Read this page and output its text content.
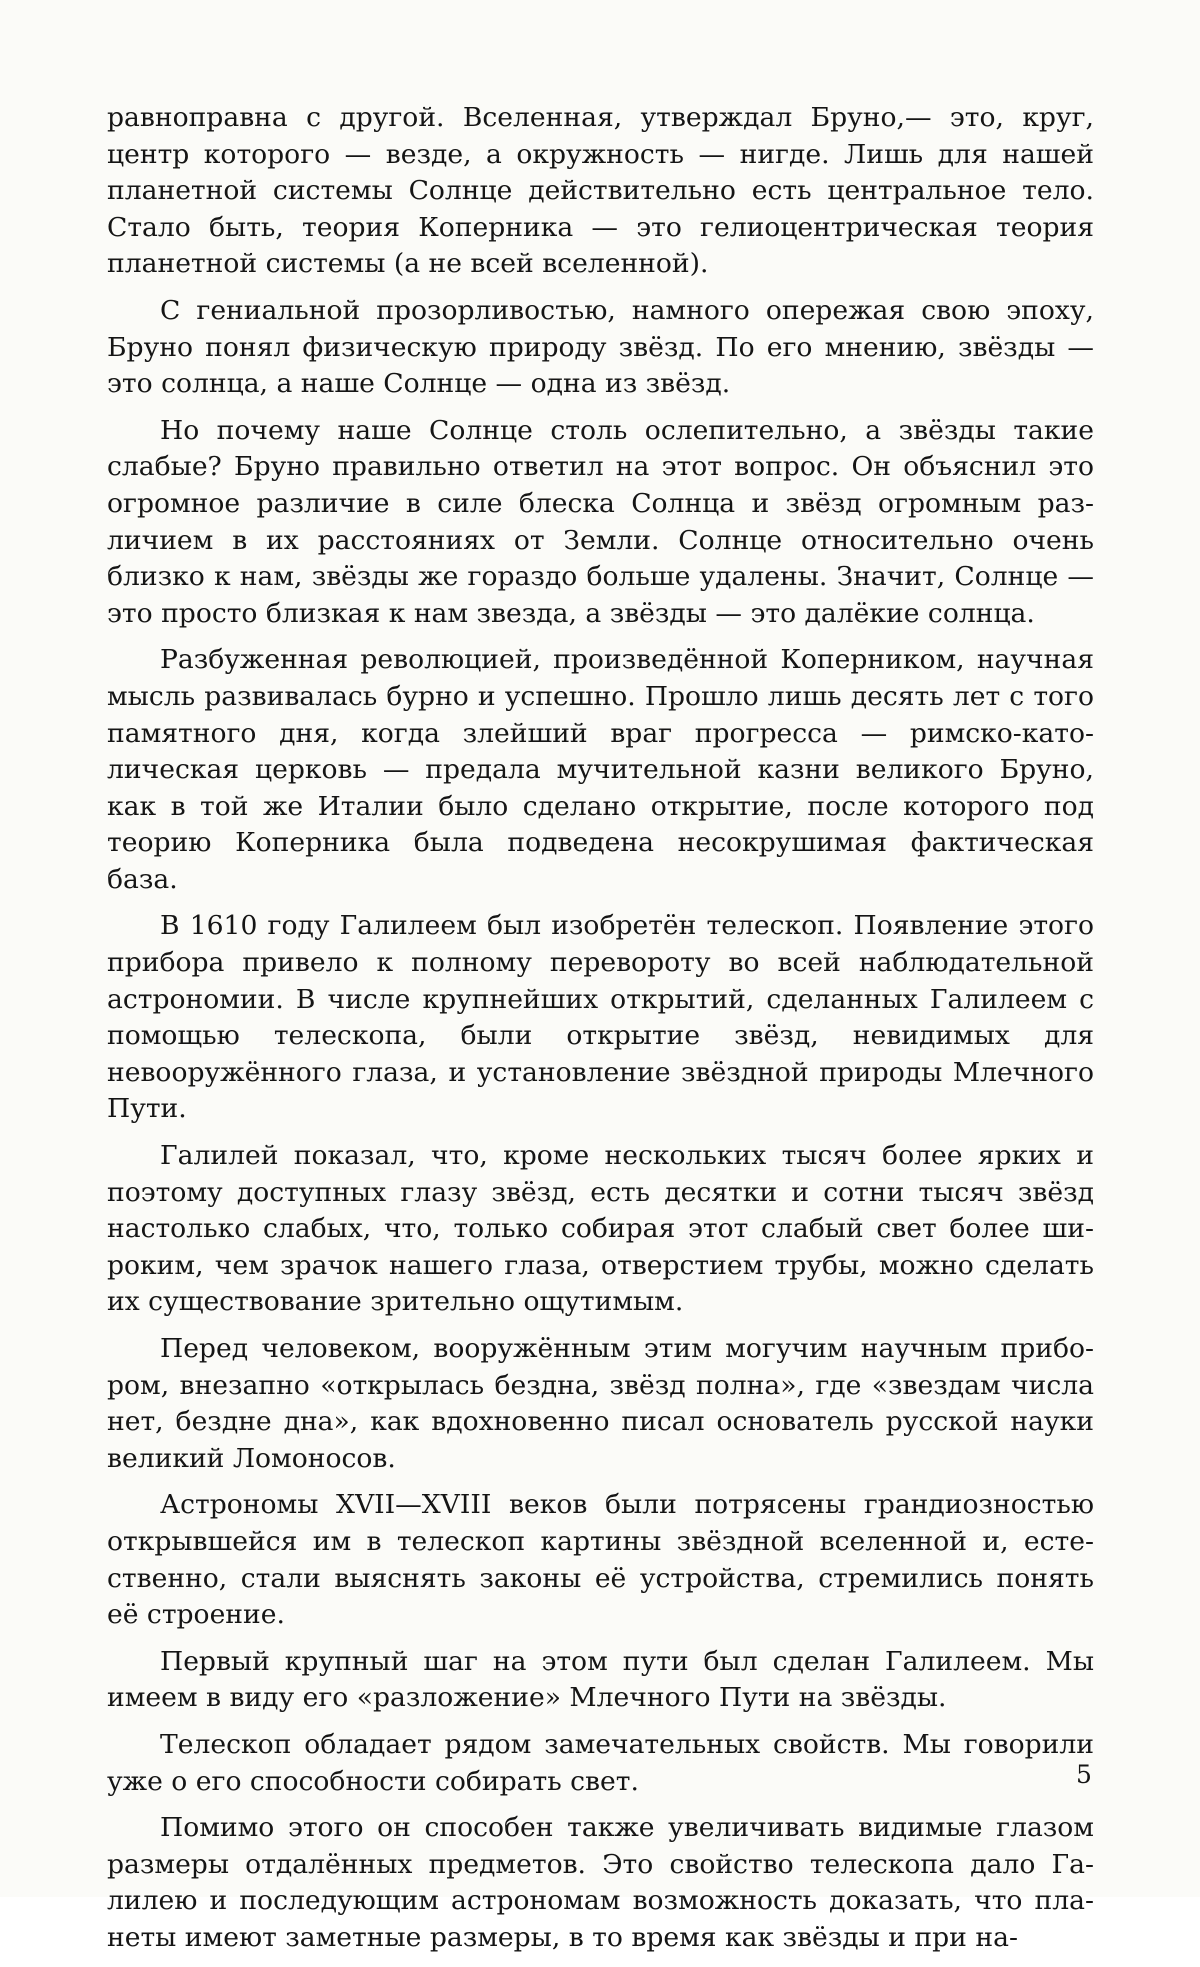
равноправна с другой. Вселенная, утверждал Бруно,— это, круг, центр которого — везде, а окружность — нигде. Лишь для нашей планетной системы Солнце действительно есть центральное тело. Стало быть, теория Коперника — это гелиоцентрическая теория планетной системы (а не всей вселенной).

С гениальной прозорливостью, намного опережая свою эпоху, Бруно понял физическую природу звёзд. По его мнению, звёзды — это солнца, а наше Солнце — одна из звёзд.

Но почему наше Солнце столь ослепительно, а звёзды такие слабые? Бруно правильно ответил на этот вопрос. Он объяснил это огромное различие в силе блеска Солнца и звёзд огромным различием в их расстояниях от Земли. Солнце относительно очень близко к нам, звёзды же гораздо больше удалены. Значит, Солнце — это просто близкая к нам звезда, а звёзды — это далёкие солнца.

Разбуженная революцией, произведённой Коперником, научная мысль развивалась бурно и успешно. Прошло лишь десять лет с того памятного дня, когда злейший враг прогресса — римско-католическая церковь — предала мучительной казни великого Бруно, как в той же Италии было сделано открытие, после которого под теорию Коперника была подведена несокрушимая фактическая база.

В 1610 году Галилеем был изобретён телескоп. Появление этого прибора привело к полному перевороту во всей наблюдательной астрономии. В числе крупнейших открытий, сделанных Галилеем с помощью телескопа, были открытие звёзд, невидимых для невооружённого глаза, и установление звёздной природы Млечного Пути.

Галилей показал, что, кроме нескольких тысяч более ярких и поэтому доступных глазу звёзд, есть десятки и сотни тысяч звёзд настолько слабых, что, только собирая этот слабый свет более широким, чем зрачок нашего глаза, отверстием трубы, можно сделать их существование зрительно ощутимым.

Перед человеком, вооружённым этим могучим научным прибором, внезапно «открылась бездна, звёзд полна», где «звездам числа нет, бездне дна», как вдохновенно писал основатель русской науки великий Ломоносов.

Астрономы XVII—XVIII веков были потрясены грандиозностью открывшейся им в телескоп картины звёздной вселенной и, естественно, стали выяснять законы её устройства, стремились понять её строение.

Первый крупный шаг на этом пути был сделан Галилеем. Мы имеем в виду его «разложение» Млечного Пути на звёзды.

Телескоп обладает рядом замечательных свойств. Мы говорили уже о его способности собирать свет.

Помимо этого он способен также увеличивать видимые глазом размеры отдалённых предметов. Это свойство телескопа дало Галилею и последующим астрономам возможность доказать, что планеты имеют заметные размеры, в то время как звёзды и при на-

5
